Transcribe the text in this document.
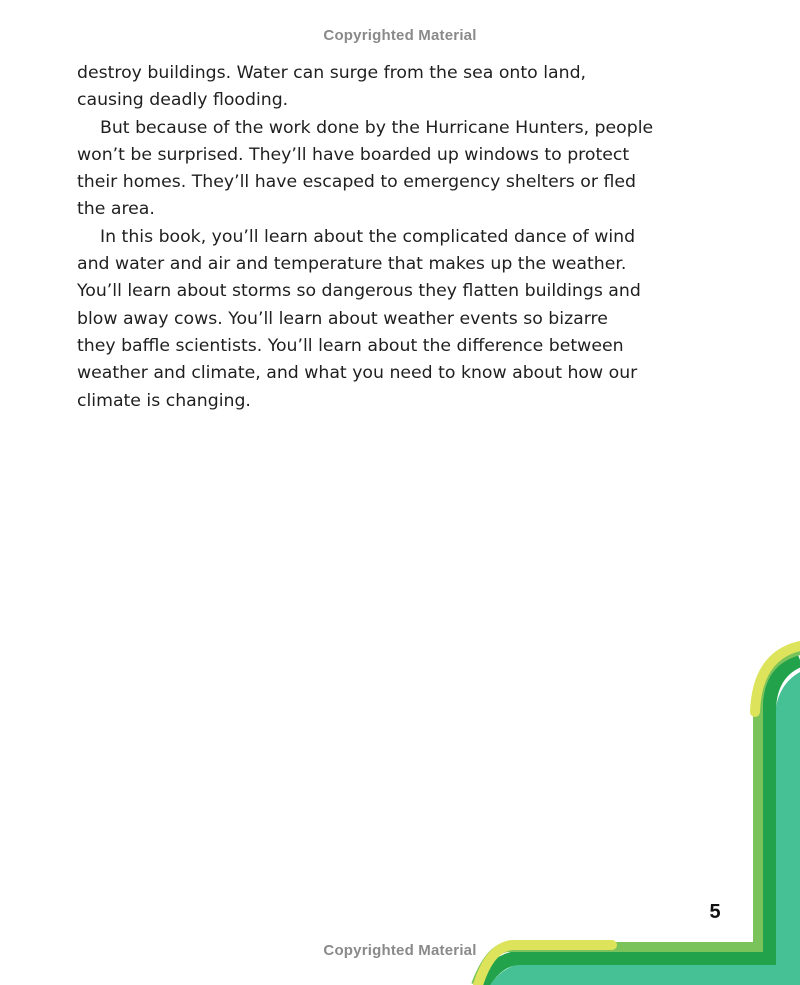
Copyrighted Material
destroy buildings. Water can surge from the sea onto land,
causing deadly flooding.
But because of the work done by the Hurricane Hunters, people
won’t be surprised. They’ll have boarded up windows to protect
their homes. They’ll have escaped to emergency shelters or fled
the area.
In this book, you’ll learn about the complicated dance of wind
and water and air and temperature that makes up the weather.
You’ll learn about storms so dangerous they flatten buildings and
blow away cows. You’ll learn about weather events so bizarre
they baffle scientists. You’ll learn about the difference between
weather and climate, and what you need to know about how our
climate is changing.
5
Copyrighted Material
